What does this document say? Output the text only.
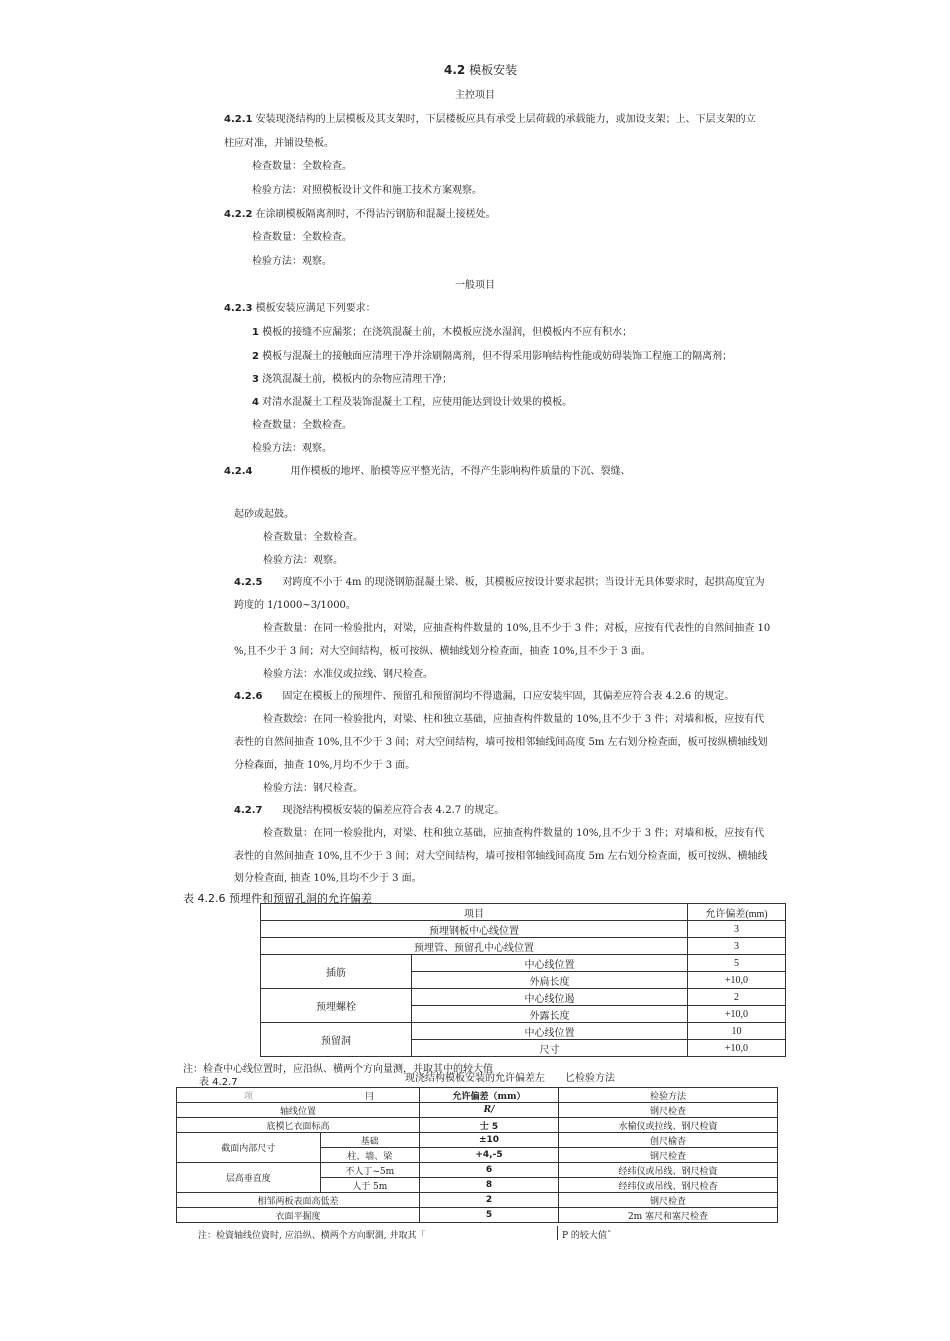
4.2 模板安装
主控项目
4.2.1 安装现浇结构的上层模板及其支架时，下层楼板应具有承受上层荷载的承载能力，或加设支架；上、下层支架的立
柱应对准，并铺设垫板。
检查数量：全数检查。
检验方法：对照模板设计文件和施工技术方案观察。
4.2.2 在涂刷模板隔离剂时，不得沾污钢筋和混凝土接槎处。
检查数量：全数检查。
检验方法：观察。
一般项目
4.2.3 模板安装应满足下列要求：
1 模板的接缝不应漏浆；在浇筑混凝土前，木模板应浇水湿润，但模板内不应有积水；
2 模板与混凝土的接触面应清理干净并涂刷隔离剂，但不得采用影响结构性能或妨碍装饰工程施工的隔离剂；
3 浇筑混凝土前，模板内的杂物应清理干净；
4 对清水混凝土工程及装饰混凝土工程，应使用能达到设计效果的模板。
检查数量：全数检查。
检验方法：观察。
4.2.4	用作模板的地坪、胎模等应平整光洁，不得产生影响构件质量的下沉、裂缝、
起砂或起鼓。
检查数量：全数检查。
检验方法：观察。
4.2.5 对跨度不小于 4m 的现浇钢筋混凝土梁、板，其模板应按设计要求起拱；当设计无具体要求时，起拱高度宜为
跨度的 1/1000~3/1000。
检查数量：在同一检验批内，对梁，应抽查构件数量的 10%,且不少于 3 件；对板，应按有代表性的自然间抽查 10
%,且不少于 3 间；对大空间结构，板可按纵、横轴线划分检查面，抽查 10%,且不少于 3 面。
检验方法：水准仪或拉线、钢尺检查。
4.2.6 固定在模板上的预埋件、预留孔和预留洞均不得遗漏，口应安装牢固，其偏差应符合表 4.2.6 的规定。
检查数绘：在同一检验批内，对梁、柱和独立基础，应抽查构件数量的 10%,且不少于 3 件；对墙和板，应按有代
表性的自然间抽查 10%,且不少于 3 间；对大空间结构，墙可按相邻轴线间高度 5m 左右划分检查面，板可按纵横轴线划
分检森面，抽查 10%,月均不少于 3 面。
检验方法：钢尺检查。
4.2.7 现浇结构模板安装的偏差应符合表 4.2.7 的规定。
检查数量：在同一检验批内，对梁、柱和独立基础，应抽查构件数量的 10%,且不少于 3 件；对墙和板，应按有代
表性的自然间抽查 10%,且不少于 3 间；对大空间结构，墙可按相邻轴线间高度 5m 左右划分检查面，板可按纵、横轴线
划分检查面, 抽查 10%,且均不少于 3 面。
表 4.2.6 预埋件和预留孔洞的允许偏差
项目		允许偏差(mm)
预埋钢板中心线位置		3
预埋管、预留孔中心线位置		3
插筋	中心线位置	5
	外扃长度	+10,0
预埋螺栓	中心线位遏	2
	外露长度	+10,0
预留洞	中心线位置	10
	尺寸	+10,0
注：检查中心线位置时，应沿纵、横两个方向量测，并取其中的较大值
表 4.2.7	现浇结构模板安装的允许偏差左 匕检验方法
项	冃	允许偏差（mm）	检验方法
轴线位置		R/	钢尺检查
底模匕衣面标高		士 5	水榆仪或拉线、钢尺检資
截面内部尺寸	基础	±10	创尺榆杳
	柱、墙、梁	+4,-5	钢尺检査
层高垂直度	不人丁~5m	6	经纬仪或吊线、钢尺检資
	人于 5m	8	经纬仪或吊线、钢尺检杳
相邹两板表面高低差		2	钢尺检査
衣面平掘度		5	2m 塞尺和塞尺检查
注：检資轴线位資时, 应沿纵、横两个方向駅測, 并取其「	P 的较大值ˆ
